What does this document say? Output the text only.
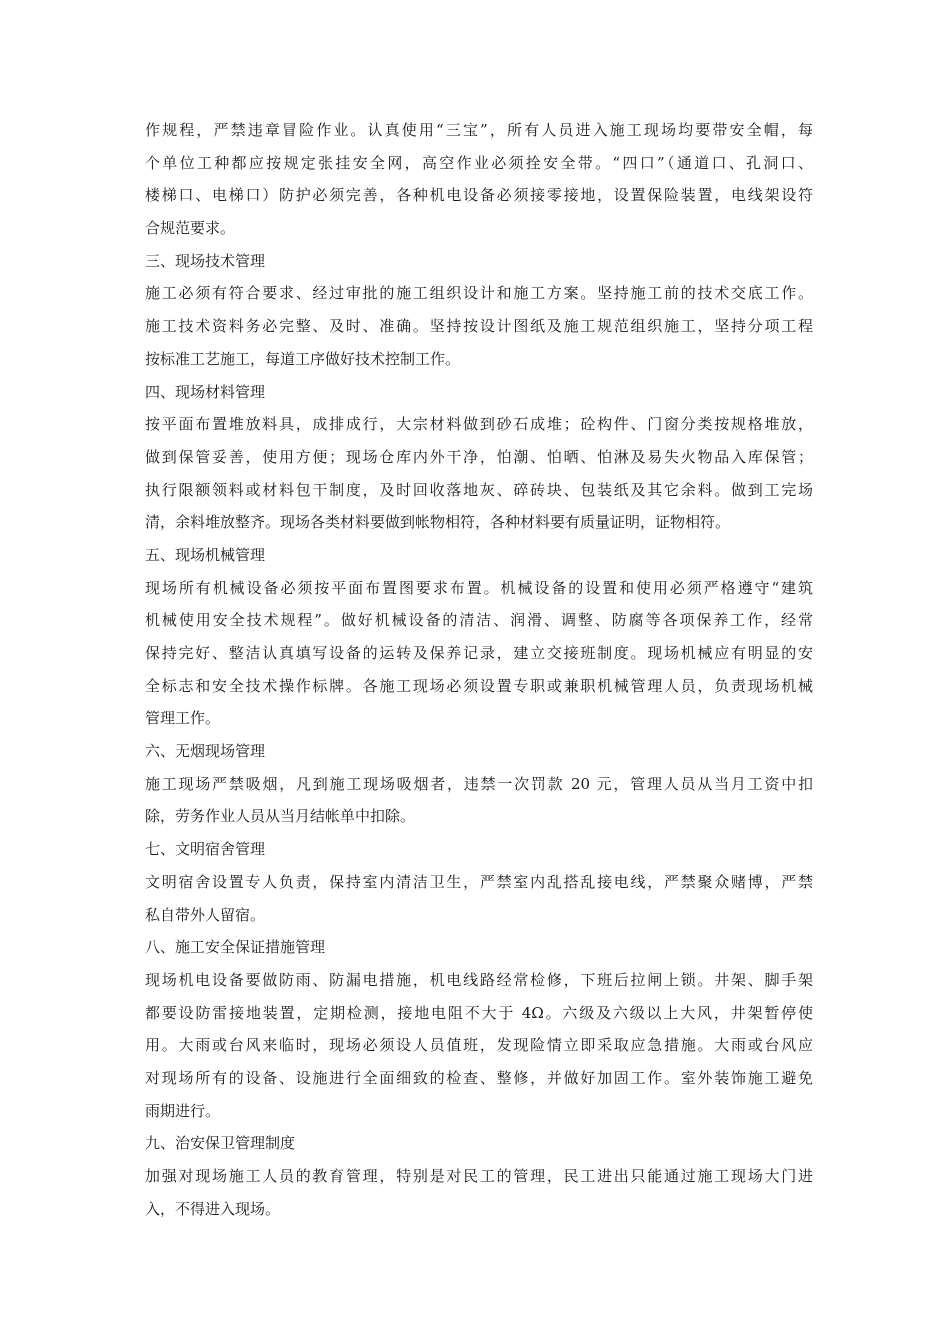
作规程，严禁违章冒险作业。认真使用“三宝”，所有人员进入施工现场均要带安全帽，每
个单位工种都应按规定张挂安全网，高空作业必须拴安全带。“四口”（通道口、孔洞口、
楼梯口、电梯口）防护必须完善，各种机电设备必须接零接地，设置保险装置，电线架设符
合规范要求。
三、现场技术管理
施工必须有符合要求、经过审批的施工组织设计和施工方案。坚持施工前的技术交底工作。
施工技术资料务必完整、及时、准确。坚持按设计图纸及施工规范组织施工，坚持分项工程
按标准工艺施工，每道工序做好技术控制工作。
四、现场材料管理
按平面布置堆放料具，成排成行，大宗材料做到砂石成堆；砼构件、门窗分类按规格堆放，
做到保管妥善，使用方便；现场仓库内外干净，怕潮、怕晒、怕淋及易失火物品入库保管；
执行限额领料或材料包干制度，及时回收落地灰、碎砖块、包装纸及其它余料。做到工完场
清，余料堆放整齐。现场各类材料要做到帐物相符，各种材料要有质量证明，证物相符。
五、现场机械管理
现场所有机械设备必须按平面布置图要求布置。机械设备的设置和使用必须严格遵守“建筑
机械使用安全技术规程”。做好机械设备的清洁、润滑、调整、防腐等各项保养工作，经常
保持完好、整洁认真填写设备的运转及保养记录，建立交接班制度。现场机械应有明显的安
全标志和安全技术操作标牌。各施工现场必须设置专职或兼职机械管理人员，负责现场机械
管理工作。
六、无烟现场管理
施工现场严禁吸烟，凡到施工现场吸烟者，违禁一次罚款 20 元，管理人员从当月工资中扣
除，劳务作业人员从当月结帐单中扣除。
七、文明宿舍管理
文明宿舍设置专人负责，保持室内清洁卫生，严禁室内乱搭乱接电线，严禁聚众赌博，严禁
私自带外人留宿。
八、施工安全保证措施管理
现场机电设备要做防雨、防漏电措施，机电线路经常检修，下班后拉闸上锁。井架、脚手架
都要设防雷接地装置，定期检测，接地电阻不大于 4Ω。六级及六级以上大风，井架暂停使
用。大雨或台风来临时，现场必须设人员值班，发现险情立即采取应急措施。大雨或台风应
对现场所有的设备、设施进行全面细致的检查、整修，并做好加固工作。室外装饰施工避免
雨期进行。
九、治安保卫管理制度
加强对现场施工人员的教育管理，特别是对民工的管理，民工进出只能通过施工现场大门进
入，不得进入现场。
